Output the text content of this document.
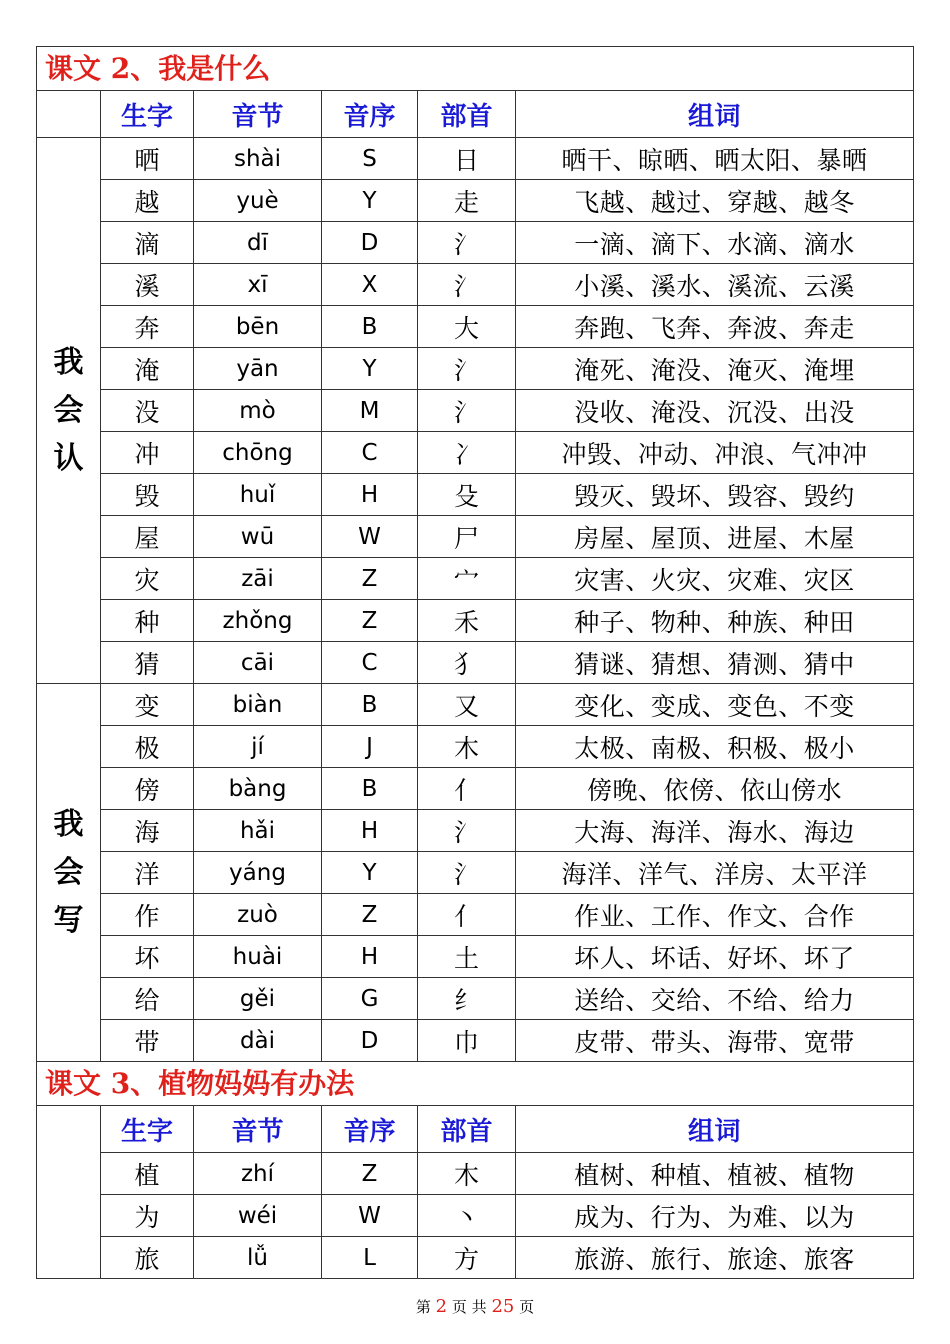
课文 2、我是什么
生字	音节	音序	部首	组词
我
会
认
晒	shài	S	日	晒干、晾晒、晒太阳、暴晒
越	yuè	Y	走	飞越、越过、穿越、越冬
滴	dī	D	氵	一滴、滴下、水滴、滴水
溪	xī	X	氵	小溪、溪水、溪流、云溪
奔	bēn	B	大	奔跑、飞奔、奔波、奔走
淹	yān	Y	氵	淹死、淹没、淹灭、淹埋
没	mò	M	氵	没收、淹没、沉没、出没
冲	chōng	C	冫	冲毁、冲动、冲浪、气冲冲
毁	huǐ	H	殳	毁灭、毁坏、毁容、毁约
屋	wū	W	尸	房屋、屋顶、进屋、木屋
灾	zāi	Z	宀	灾害、火灾、灾难、灾区
种	zhǒng	Z	禾	种子、物种、种族、种田
猜	cāi	C	犭	猜谜、猜想、猜测、猜中
我
会
写
变	biàn	B	又	变化、变成、变色、不变
极	jí	J	木	太极、南极、积极、极小
傍	bàng	B	亻	傍晚、依傍、依山傍水
海	hǎi	H	氵	大海、海洋、海水、海边
洋	yáng	Y	氵	海洋、洋气、洋房、太平洋
作	zuò	Z	亻	作业、工作、作文、合作
坏	huài	H	土	坏人、坏话、好坏、坏了
给	gěi	G	纟	送给、交给、不给、给力
带	dài	D	巾	皮带、带头、海带、宽带
课文 3、植物妈妈有办法
生字	音节	音序	部首	组词
植	zhí	Z	木	植树、种植、植被、植物
为	wéi	W	丶	成为、行为、为难、以为
旅	lǚ	L	方	旅游、旅行、旅途、旅客
第 2 页 共 25 页
